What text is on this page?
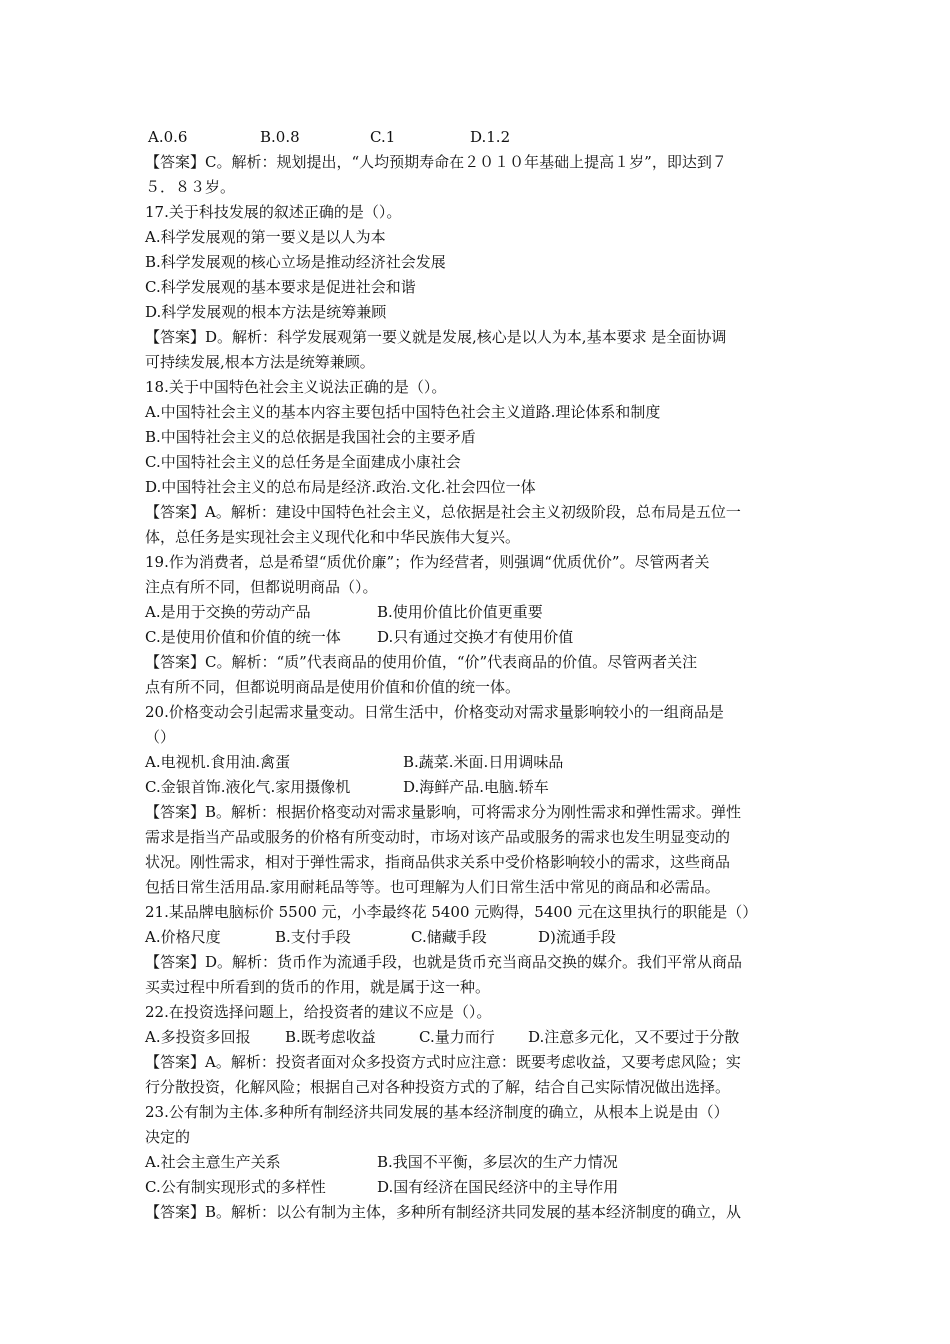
A.0.6	B.0.8	C.1	D.1.2
【答案】C。解析：规划提出，“人均预期寿命在２０１０年基础上提高１岁”，即达到７
５．８３岁。
17.关于科技发展的叙述正确的是（）。
A.科学发展观的第一要义是以人为本
B.科学发展观的核心立场是推动经济社会发展
C.科学发展观的基本要求是促进社会和谐
D.科学发展观的根本方法是统筹兼顾
【答案】D。解析：科学发展观第一要义就是发展,核心是以人为本,基本要求 是全面协调
可持续发展,根本方法是统筹兼顾。
18.关于中国特色社会主义说法正确的是（）。
A.中国特社会主义的基本内容主要包括中国特色社会主义道路.理论体系和制度
B.中国特社会主义的总依据是我国社会的主要矛盾
C.中国特社会主义的总任务是全面建成小康社会
D.中国特社会主义的总布局是经济.政治.文化.社会四位一体
【答案】A。解析：建设中国特色社会主义，总依据是社会主义初级阶段，总布局是五位一
体，总任务是实现社会主义现代化和中华民族伟大复兴。
19.作为消费者，总是希望“质优价廉”；作为经营者，则强调“优质优价”。尽管两者关
注点有所不同，但都说明商品（）。
A.是用于交换的劳动产品	B.使用价值比价值更重要
C.是使用价值和价值的统一体 D.只有通过交换才有使用价值
【答案】C。解析：“质”代表商品的使用价值，“价”代表商品的价值。尽管两者关注
点有所不同，但都说明商品是使用价值和价值的统一体。
20.价格变动会引起需求量变动。日常生活中，价格变动对需求量影响较小的一组商品是
（）
A.电视机.食用油.禽蛋	B.蔬菜.米面.日用调味品
C.金银首饰.液化气.家用摄像机	D.海鲜产品.电脑.轿车
【答案】B。解析：根据价格变动对需求量影响，可将需求分为刚性需求和弹性需求。弹性
需求是指当产品或服务的价格有所变动时，市场对该产品或服务的需求也发生明显变动的
状况。刚性需求，相对于弹性需求，指商品供求关系中受价格影响较小的需求，这些商品
包括日常生活用品.家用耐耗品等等。也可理解为人们日常生活中常见的商品和必需品。
21.某品牌电脑标价 5500 元，小李最终花 5400 元购得，5400 元在这里执行的职能是（）
A.价格尺度	B.支付手段	C.储藏手段	D)流通手段
【答案】D。解析：货币作为流通手段，也就是货币充当商品交换的媒介。我们平常从商品
买卖过程中所看到的货币的作用，就是属于这一种。
22.在投资选择问题上，给投资者的建议不应是（）。
A.多投资多回报 B.既考虑收益	C.量力而行 D.注意多元化，又不要过于分散
【答案】A。解析：投资者面对众多投资方式时应注意：既要考虑收益，又要考虑风险；实
行分散投资，化解风险；根据自己对各种投资方式的了解，结合自己实际情况做出选择。
23.公有制为主体.多种所有制经济共同发展的基本经济制度的确立，从根本上说是由（）
决定的
A.社会主意生产关系	B.我国不平衡，多层次的生产力情况
C.公有制实现形式的多样性	D.国有经济在国民经济中的主导作用
【答案】B。解析：以公有制为主体，多种所有制经济共同发展的基本经济制度的确立，从
